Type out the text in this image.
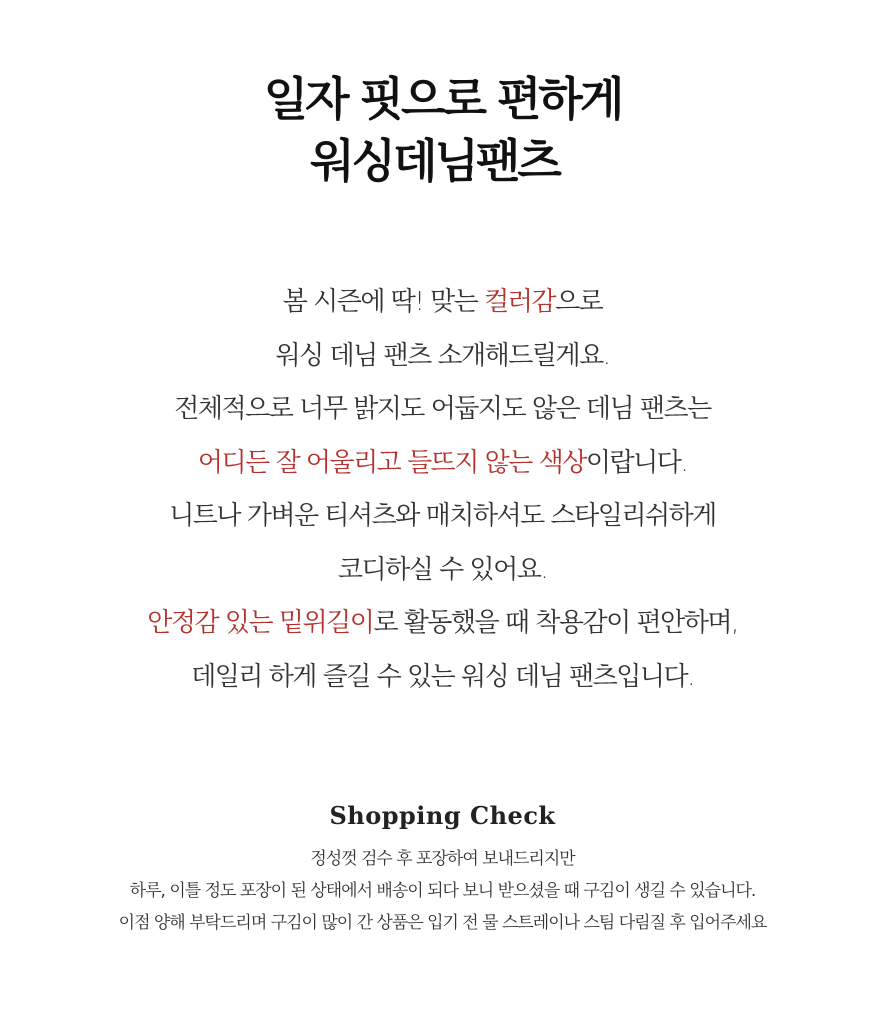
일자 핏으로 편하게
워싱데님팬츠
봄 시즌에 딱! 맞는 컬러감으로
워싱 데님 팬츠 소개해드릴게요.
전체적으로 너무 밝지도 어둡지도 않은 데님 팬츠는
어디든 잘 어울리고 들뜨지 않는 색상이랍니다.
니트나 가벼운 티셔츠와 매치하셔도 스타일리쉬하게
코디하실 수 있어요.
안정감 있는 밑위길이로 활동했을 때 착용감이 편안하며,
데일리 하게 즐길 수 있는 워싱 데님 팬츠입니다.
Shopping Check
정성껏 검수 후 포장하여 보내드리지만
하루, 이틀 정도 포장이 된 상태에서 배송이 되다 보니 받으셨을 때 구김이 생길 수 있습니다.
이점 양해 부탁드리며 구김이 많이 간 상품은 입기 전 물 스트레이나 스팀 다림질 후 입어주세요
